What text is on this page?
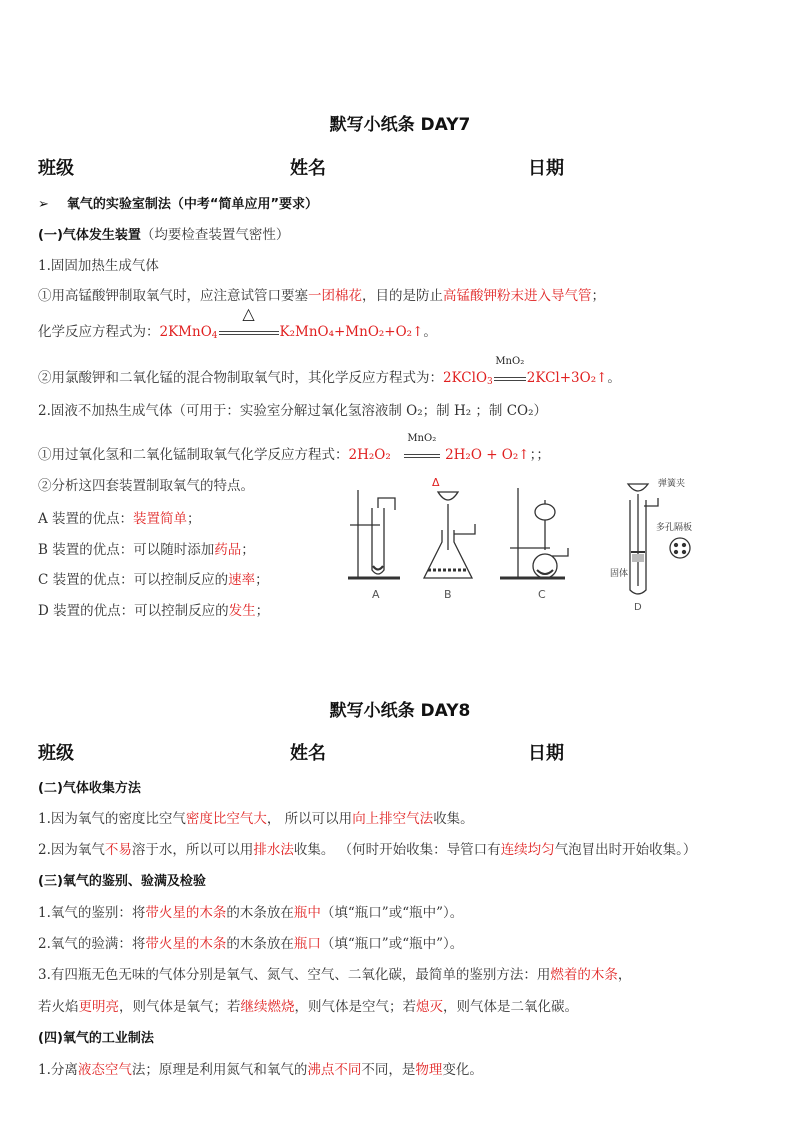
默写小纸条 DAY7
班级	姓名	日期
➢ 氧气的实验室制法（中考“简单应用”要求）
(一)气体发生装置（均要检查装置气密性）
1.固固加热生成气体
①用高锰酸钾制取氧气时，应注意试管口要塞一团棉花，目的是防止高锰酸钾粉末进入导气管；
化学反应方程式为：2KMnO$_4$
△
K₂MnO₄+MnO₂+O₂↑。
②用氯酸钾和二氧化锰的混合物制取氧气时，其化学反应方程式为：2KClO$_3$
MnO₂
2KCl+3O₂↑。
2.固液不加热生成气体（可用于：实验室分解过氧化氢溶液制 O₂；制 H₂ ；制 CO₂）
①用过氧化氢和二氧化锰制取氧气化学反应方程式：2H₂O₂
MnO₂
2H₂O + O₂↑；；
②分析这四套装置制取氧气的特点。
A 装置的优点：装置简单；
B 装置的优点：可以随时添加药品；
C 装置的优点：可以控制反应的速率；
D 装置的优点：可以控制反应的发生；
A
Δ
B	C
弹簧夹
多孔隔板
固体
D
默写小纸条 DAY8
班级	姓名	日期
(二)气体收集方法
1.因为氧气的密度比空气密度比空气大， 所以可以用向上排空气法收集。
2.因为氧气不易溶于水，所以可以用排水法收集。 （何时开始收集：导管口有连续均匀气泡冒出时开始收集。）
(三)氧气的鉴别、验满及检验
1.氧气的鉴别：将带火星的木条的木条放在瓶中（填“瓶口”或“瓶中”）。
2.氧气的验满：将带火星的木条的木条放在瓶口（填“瓶口”或“瓶中”）。
3.有四瓶无色无味的气体分别是氧气、氮气、空气、二氧化碳，最简单的鉴别方法：用燃着的木条，
若火焰更明亮，则气体是氧气；若继续燃烧，则气体是空气；若熄灭，则气体是二氧化碳。
(四)氧气的工业制法
1.分离液态空气法；原理是利用氮气和氧气的沸点不同不同，是物理变化。
